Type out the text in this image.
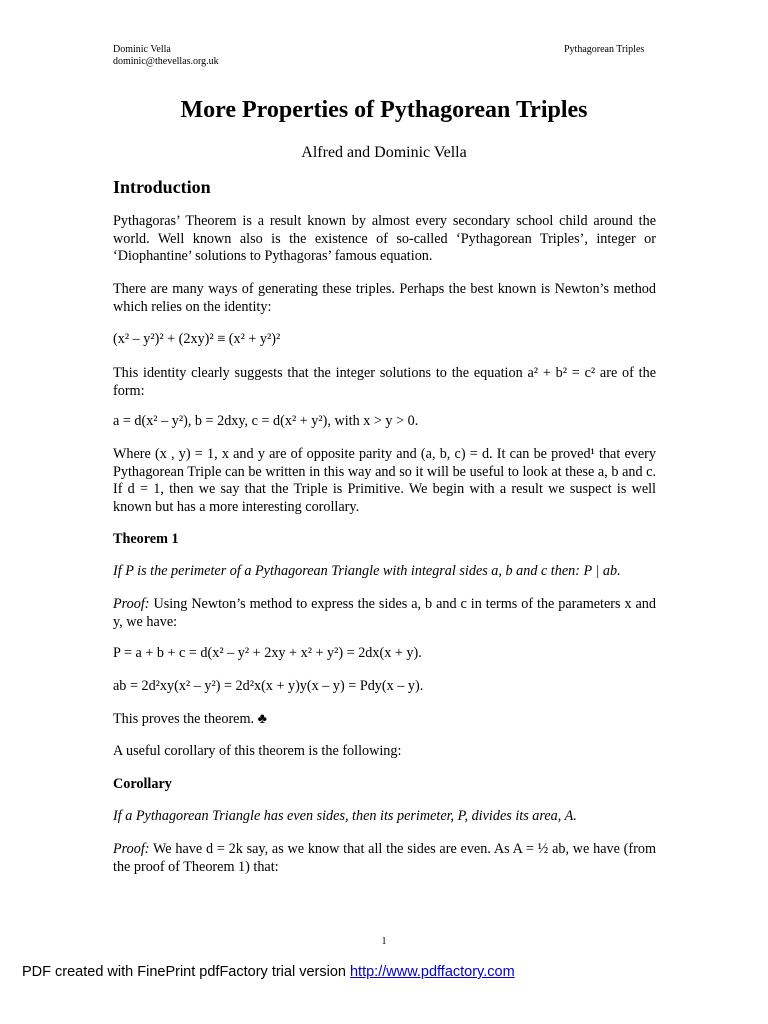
Dominic Vella
dominic@thevellas.org.uk
Pythagorean Triples
More Properties of Pythagorean Triples
Alfred and Dominic Vella
Introduction
Pythagoras’ Theorem is a result known by almost every secondary school child around the world. Well known also is the existence of so-called ‘Pythagorean Triples’, integer or ‘Diophantine’ solutions to Pythagoras’ famous equation.
There are many ways of generating these triples. Perhaps the best known is Newton’s method which relies on the identity:
(x² – y²)² + (2xy)² ≡ (x² + y²)²
This identity clearly suggests that the integer solutions to the equation a² + b² = c² are of the form:
a = d(x² – y²), b = 2dxy, c = d(x² + y²), with x > y > 0.
Where (x , y) = 1, x and y are of opposite parity and (a, b, c) = d. It can be proved¹ that every Pythagorean Triple can be written in this way and so it will be useful to look at these a, b and c. If d = 1, then we say that the Triple is Primitive. We begin with a result we suspect is well known but has a more interesting corollary.
Theorem 1
If P is the perimeter of a Pythagorean Triangle with integral sides a, b and c then: P | ab.
Proof: Using Newton’s method to express the sides a, b and c in terms of the parameters x and y, we have:
P = a + b + c = d(x² – y² + 2xy + x² + y²) = 2dx(x + y).
ab = 2d²xy(x² – y²) = 2d²x(x + y)y(x – y) = Pdy(x – y).
This proves the theorem. ♣
A useful corollary of this theorem is the following:
Corollary
If a Pythagorean Triangle has even sides, then its perimeter, P, divides its area, A.
Proof: We have d = 2k say, as we know that all the sides are even. As A = ½ ab, we have (from the proof of Theorem 1) that:
1
PDF created with FinePrint pdfFactory trial version http://www.pdffactory.com
